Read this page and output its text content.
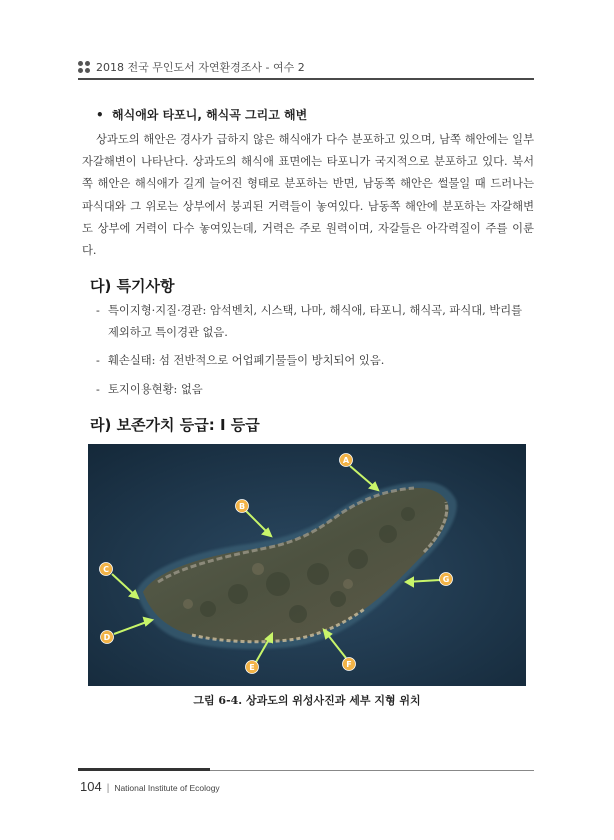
2018 전국 무인도서 자연환경조사 - 여수 2
•  해식애와 타포니, 해식곡 그리고 해변

상과도의 해안은 경사가 급하지 않은 해식애가 다수 분포하고 있으며, 남쪽 해안에는 일부 자갈해변이 나타난다. 상과도의 해식애 표면에는 타포니가 국지적으로 분포하고 있다. 북서쪽 해안은 해식애가 길게 늘어진 형태로 분포하는 반면, 남동쪽 해안은 썰물일 때 드러나는 파식대와 그 위로는 상부에서 붕괴된 거력들이 놓여있다. 남동쪽 해안에 분포하는 자갈해변도 상부에 거력이 다수 놓여있는데, 거력은 주로 원력이며, 자갈들은 아각력질이 주를 이룬다.

다) 특기사항
- 특이지형·지질·경관: 암석벤치, 시스택, 나마, 해식애, 타포니, 해식곡, 파식대, 박리를 제외하고 특이경관 없음.
- 훼손실태: 섬 전반적으로 어업폐기물들이 방치되어 있음.
- 토지이용현황: 없음
라) 보존가치 등급: Ⅰ 등급
A
B
C
D
E	F
G
그림 6-4. 상과도의 위성사진과 세부 지형 위치
104 | National Institute of Ecology
